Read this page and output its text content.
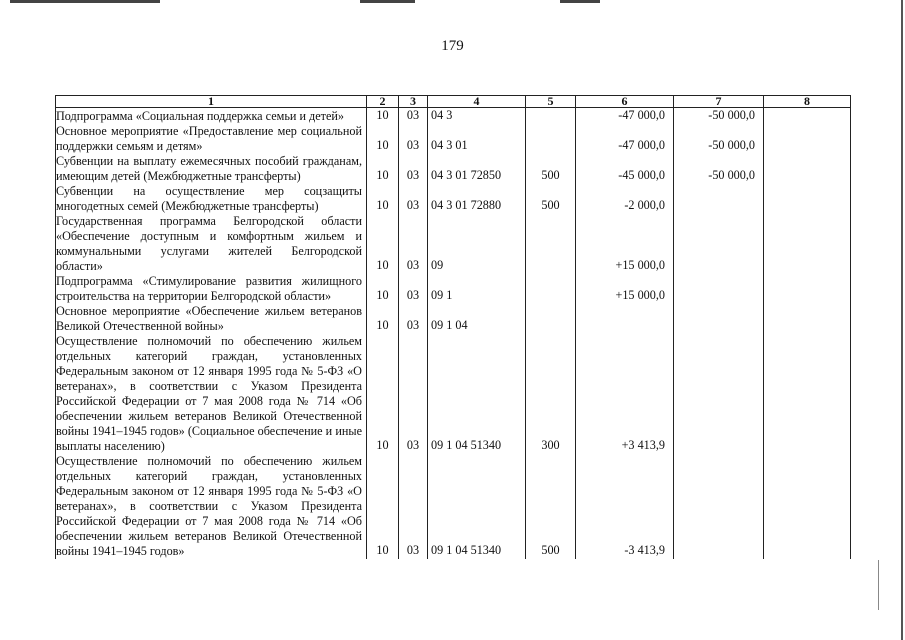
179
1	2	3	4	5	6	7	8
Подпрограмма «Социальная поддержка семьи и детей»	10	03	04 3		-47 000,0	-50 000,0	
Основное мероприятие «Предоставление мер социальной поддержки семьям и детям»	10	03	04 3 01		-47 000,0	-50 000,0	
Субвенции на выплату ежемесячных пособий гражданам, имеющим детей (Межбюджетные трансферты)	10	03	04 3 01 72850	500	-45 000,0	-50 000,0	
Субвенции на осуществление мер соцзащиты многодетных семей (Межбюджетные трансферты)	10	03	04 3 01 72880	500	-2 000,0		
Государственная программа Белгородской области «Обеспечение доступным и комфортным жильем и коммунальными услугами жителей Белгородской области»	10	03	09		+15 000,0		
Подпрограмма «Стимулирование развития жилищного строительства на территории Белгородской области»	10	03	09 1		+15 000,0		
Основное мероприятие «Обеспечение жильем ветеранов Великой Отечественной войны»	10	03	09 1 04				
Осуществление полномочий по обеспечению жильем отдельных категорий граждан, установленных Федеральным законом от 12 января 1995 года № 5-ФЗ «О ветеранах», в соответствии с Указом Президента Российской Федерации от 7 мая 2008 года № 714 «Об обеспечении жильем ветеранов Великой Отечественной войны 1941–1945 годов» (Социальное обеспечение и иные выплаты населению)	10	03	09 1 04 51340	300	+3 413,9		
Осуществление полномочий по обеспечению жильем отдельных категорий граждан, установленных Федеральным законом от 12 января 1995 года № 5-ФЗ «О ветеранах», в соответствии с Указом Президента Российской Федерации от 7 мая 2008 года № 714 «Об обеспечении жильем ветеранов Великой Отечественной войны 1941–1945 годов»	10	03	09 1 04 51340	500	-3 413,9		
